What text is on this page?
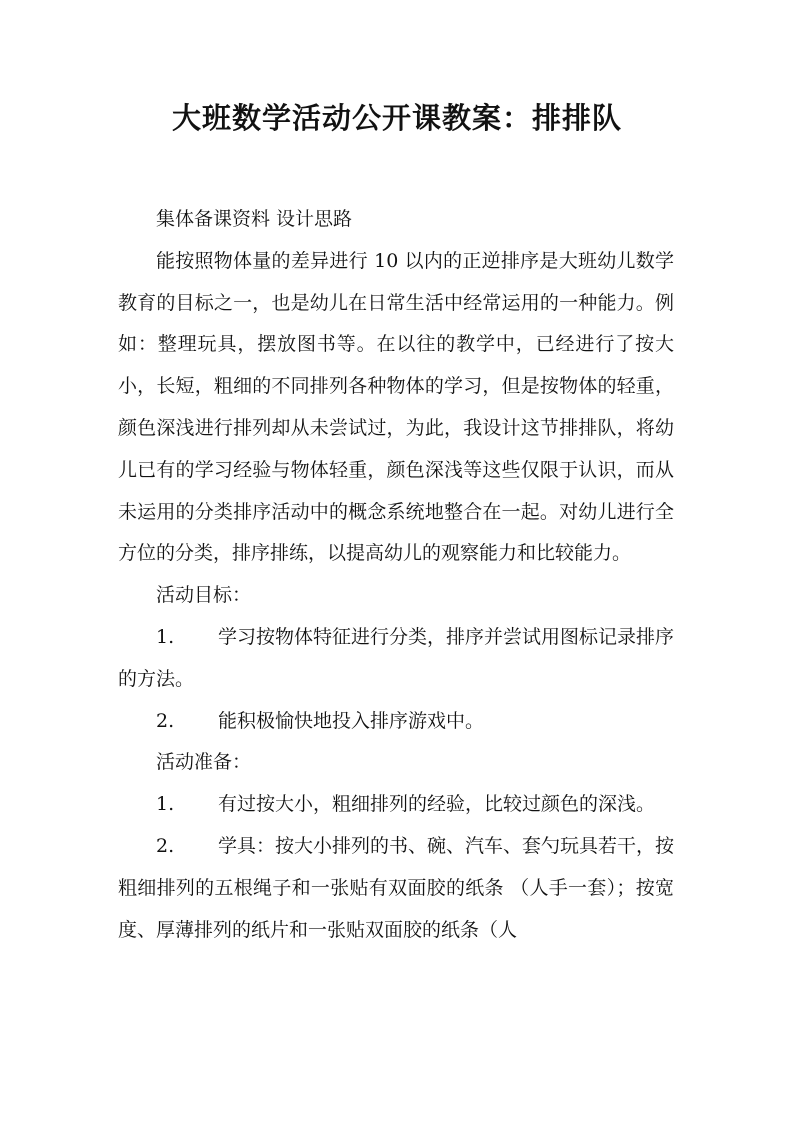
大班数学活动公开课教案：排排队

集体备课资料 设计思路

能按照物体量的差异进行 10 以内的正逆排序是大班幼儿数学教育的目标之一，也是幼儿在日常生活中经常运用的一种能力。例如：整理玩具，摆放图书等。在以往的教学中，已经进行了按大小，长短，粗细的不同排列各种物体的学习，但是按物体的轻重，颜色深浅进行排列却从未尝试过，为此，我设计这节排排队，将幼儿已有的学习经验与物体轻重，颜色深浅等这些仅限于认识，而从未运用的分类排序活动中的概念系统地整合在一起。对幼儿进行全方位的分类，排序排练，以提高幼儿的观察能力和比较能力。

活动目标：

1. 学习按物体特征进行分类，排序并尝试用图标记录排序的方法。

2. 能积极愉快地投入排序游戏中。

活动准备：

1. 有过按大小，粗细排列的经验，比较过颜色的深浅。

2. 学具：按大小排列的书、碗、汽车、套勺玩具若干，按粗细排列的五根绳子和一张贴有双面胶的纸条 （人手一套）；按宽度、厚薄排列的纸片和一张贴双面胶的纸条（人
